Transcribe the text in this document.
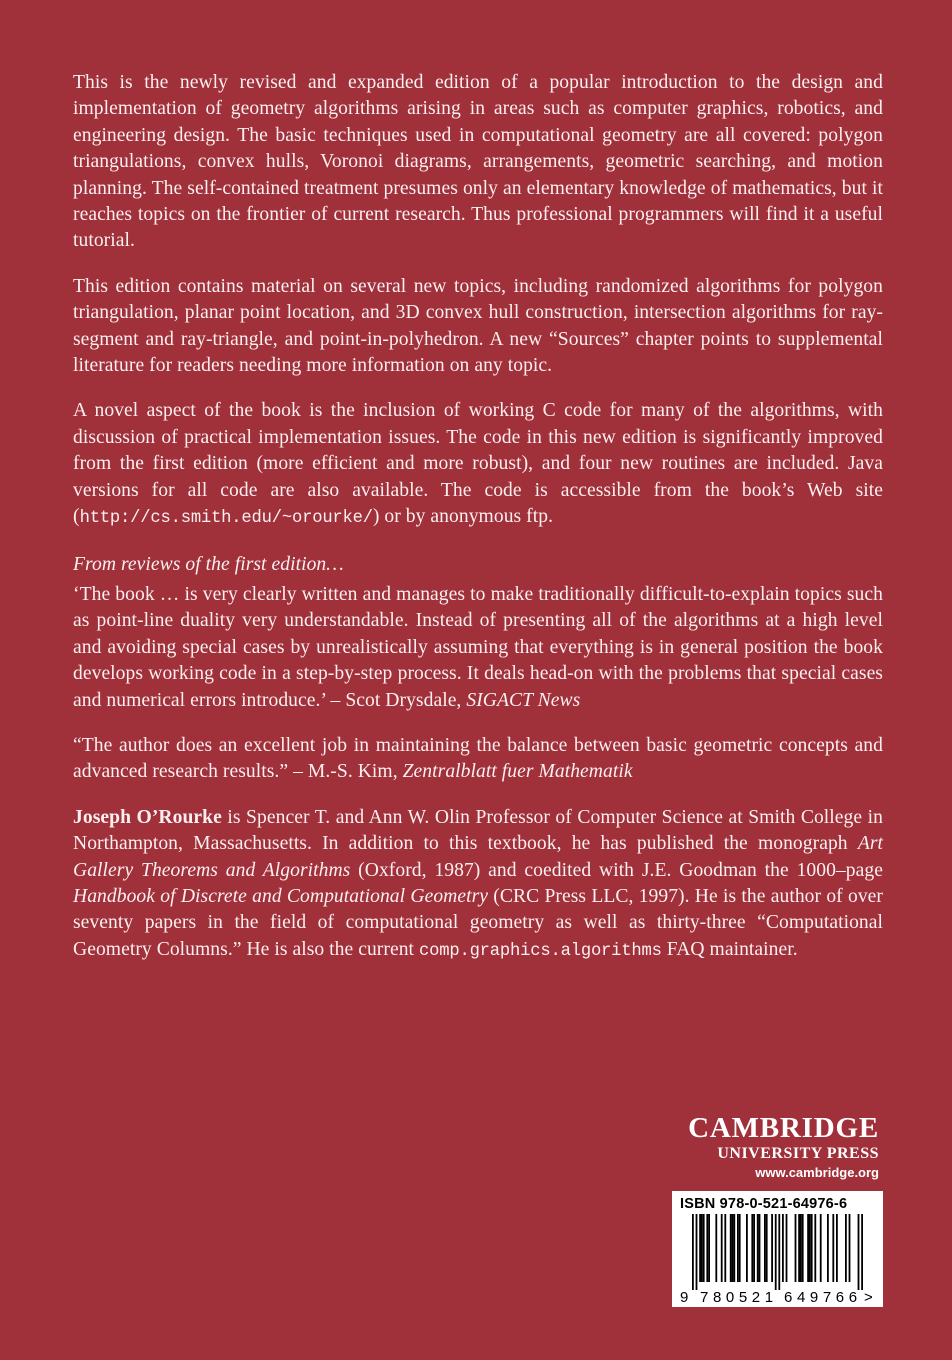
This is the newly revised and expanded edition of a popular introduction to the design and implementation of geometry algorithms arising in areas such as computer graphics, robotics, and engineering design. The basic techniques used in computational geometry are all covered: polygon triangulations, convex hulls, Voronoi diagrams, arrangements, geometric searching, and motion planning. The self-contained treatment presumes only an elementary knowledge of mathematics, but it reaches topics on the frontier of current research. Thus professional programmers will find it a useful tutorial.

This edition contains material on several new topics, including randomized algorithms for polygon triangulation, planar point location, and 3D convex hull construction, intersection algorithms for ray-segment and ray-triangle, and point-in-polyhedron. A new “Sources” chapter points to supplemental literature for readers needing more information on any topic.

A novel aspect of the book is the inclusion of working C code for many of the algorithms, with discussion of practical implementation issues. The code in this new edition is significantly improved from the first edition (more efficient and more robust), and four new routines are included. Java versions for all code are also available. The code is accessible from the book’s Web site (http://cs.smith.edu/~orourke/) or by anonymous ftp.

From reviews of the first edition…

‘The book … is very clearly written and manages to make traditionally difficult-to-explain topics such as point-line duality very understandable. Instead of presenting all of the algorithms at a high level and avoiding special cases by unrealistically assuming that everything is in general position the book develops working code in a step-by-step process. It deals head-on with the problems that special cases and numerical errors introduce.’ – Scot Drysdale, SIGACT News

“The author does an excellent job in maintaining the balance between basic geometric concepts and advanced research results.” – M.-S. Kim, Zentralblatt fuer Mathematik

Joseph O’Rourke is Spencer T. and Ann W. Olin Professor of Computer Science at Smith College in Northampton, Massachusetts. In addition to this textbook, he has published the monograph Art Gallery Theorems and Algorithms (Oxford, 1987) and coedited with J.E. Goodman the 1000–page Handbook of Discrete and Computational Geometry (CRC Press LLC, 1997). He is the author of over seventy papers in the field of computational geometry as well as thirty-three “Computational Geometry Columns.” He is also the current comp.graphics.algorithms FAQ maintainer.

CAMBRIDGE
UNIVERSITY PRESS
www.cambridge.org
ISBN 978-0-521-64976-6
9 780521 649766 >
